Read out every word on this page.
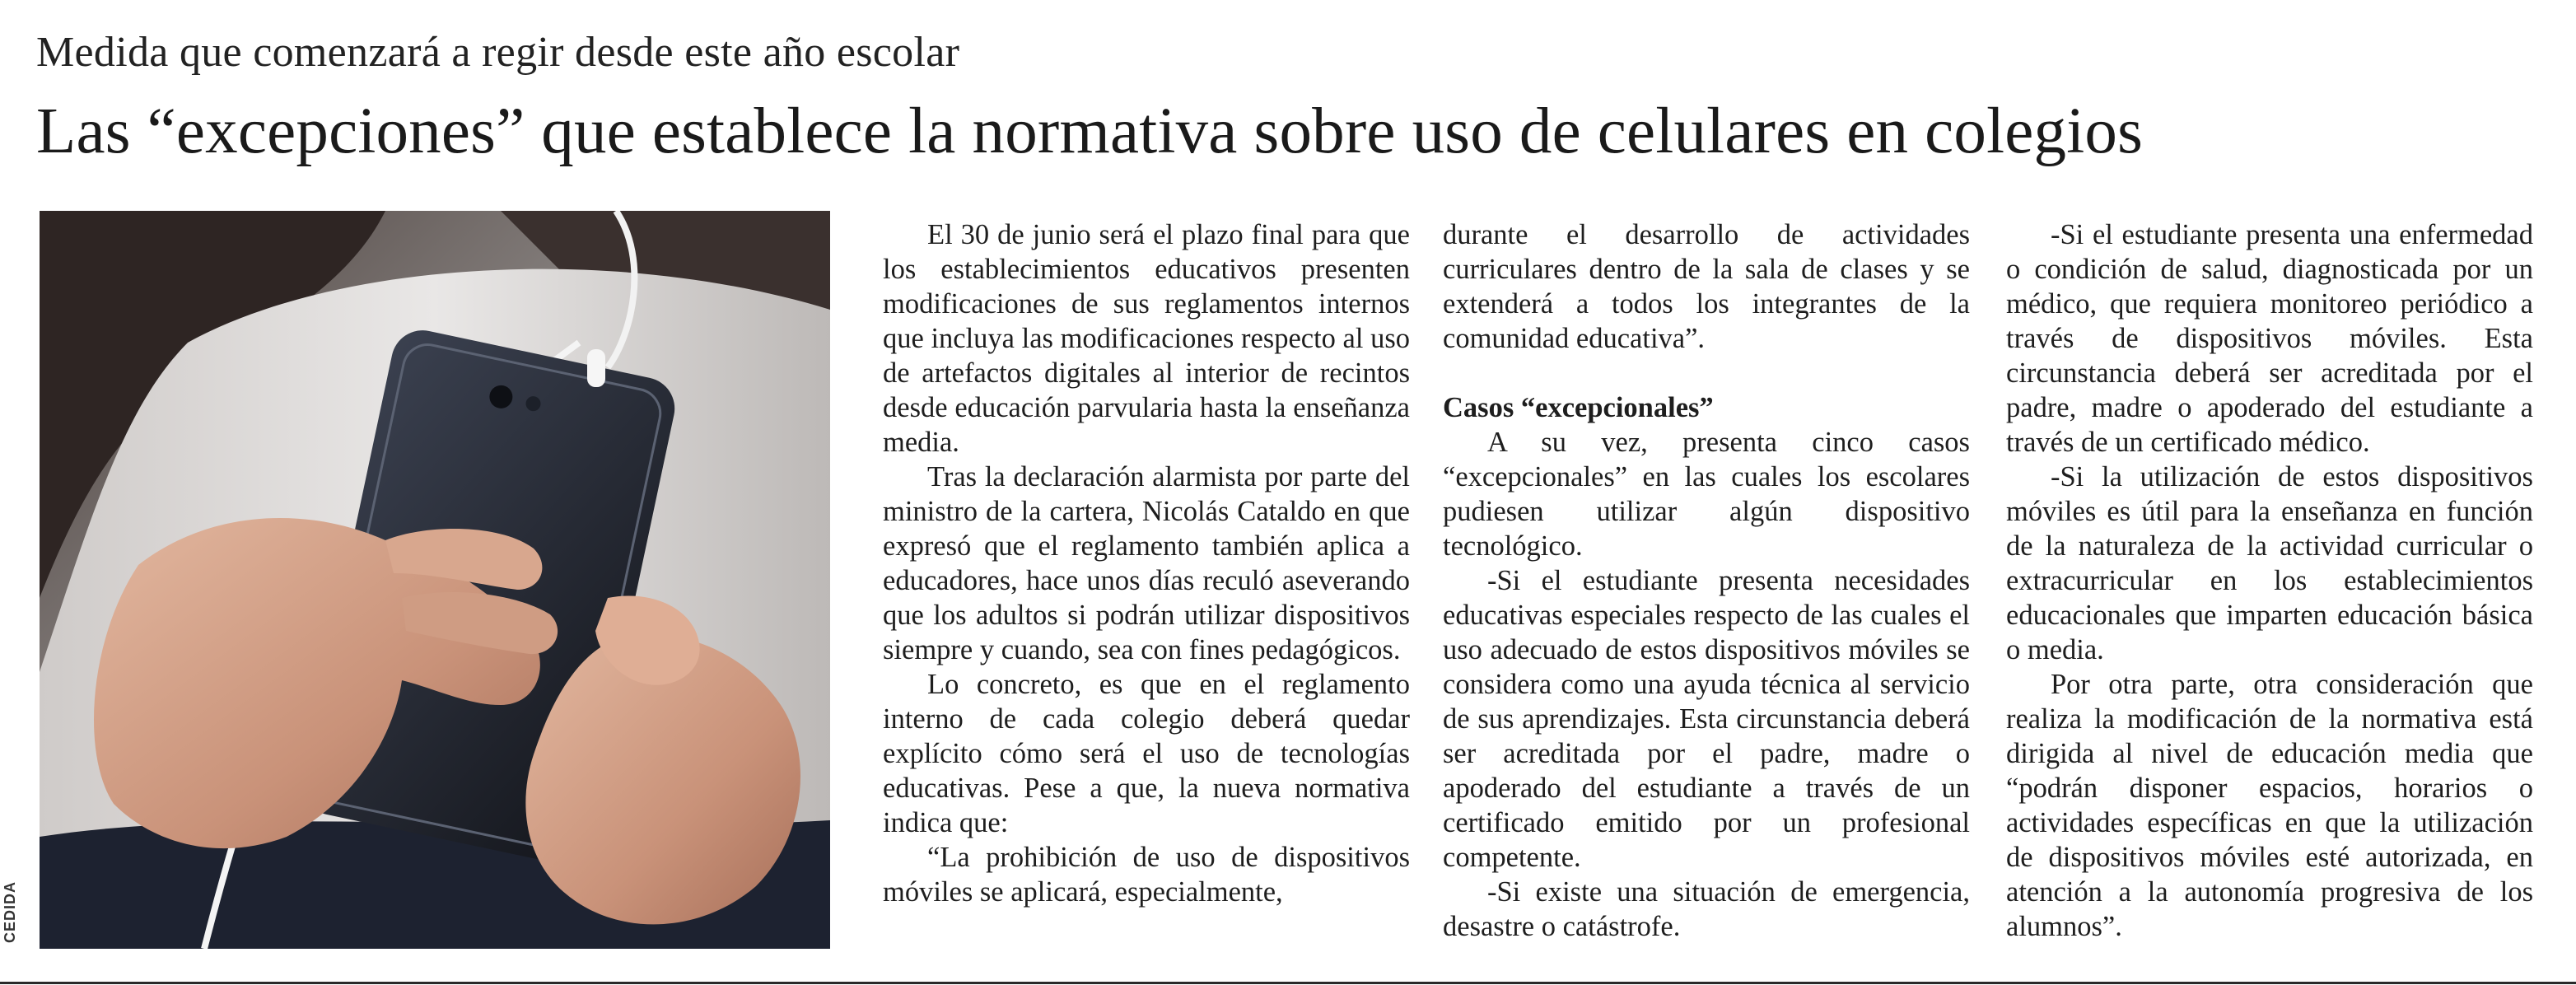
Medida que comenzará a regir desde este año escolar
Las “excepciones” que establece la normativa sobre uso de celulares en colegios
CEDIDA

El 30 de junio será el plazo final para que los establecimientos educativos presenten modificaciones de sus reglamentos internos que incluya las modificaciones respecto al uso de artefactos digitales al interior de recintos desde educación parvularia hasta la enseñanza media.

Tras la declaración alarmista por parte del ministro de la cartera, Nicolás Cataldo en que expresó que el reglamento también aplica a educadores, hace unos días reculó aseverando que los adultos si podrán utilizar dispositivos siempre y cuando, sea con fines pedagógicos.

Lo concreto, es que en el reglamento interno de cada colegio deberá quedar explícito cómo será el uso de tecnologías educativas. Pese a que, la nueva normativa indica que:

“La prohibición de uso de dispositivos móviles se aplicará, especialmente,

durante el desarrollo de actividades curriculares dentro de la sala de clases y se extenderá a todos los integrantes de la comunidad educativa”.

Casos “excepcionales”

A su vez, presenta cinco casos “excepcionales” en las cuales los escolares pudiesen utilizar algún dispositivo tecnológico.

-Si el estudiante presenta necesidades educativas especiales respecto de las cuales el uso adecuado de estos dispositivos móviles se considera como una ayuda técnica al servicio de sus aprendizajes. Esta circunstancia deberá ser acreditada por el padre, madre o apoderado del estudiante a través de un certificado emitido por un profesional competente.

-Si existe una situación de emergencia, desastre o catástrofe.

-Si el estudiante presenta una enfermedad o condición de salud, diagnosticada por un médico, que requiera monitoreo periódico a través de dispositivos móviles. Esta circunstancia deberá ser acreditada por el padre, madre o apoderado del estudiante a través de un certificado médico.

-Si la utilización de estos dispositivos móviles es útil para la enseñanza en función de la naturaleza de la actividad curricular o extracurricular en los establecimientos educacionales que imparten educación básica o media.

Por otra parte, otra consideración que realiza la modificación de la normativa está dirigida al nivel de educación media que “podrán disponer espacios, horarios o actividades específicas en que la utilización de dispositivos móviles esté autorizada, en atención a la autonomía progresiva de los alumnos”.
